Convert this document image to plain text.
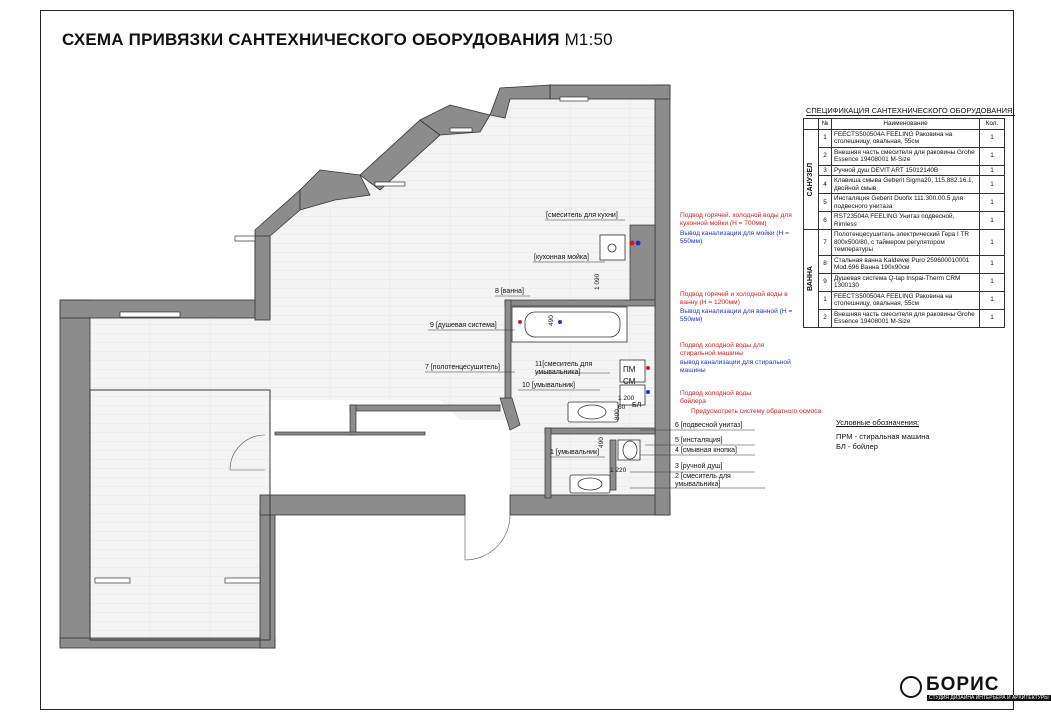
СХЕМА ПРИВЯЗКИ САНТЕХНИЧЕСКОГО ОБОРУДОВАНИЯ М1:50
[смеситель для кухни]
[кухонная мойка]
8 [ванна]
9 [душевая система]
7 [полотенцесушитель]	11[смеситель для умывальника]
10 [умывальник]
6 [подвесной унитаз]
5 [инсталяция]
4 [смывная кнопка]
3 [ручной душ]
2 [смеситель для умывальника]
1 [умывальник]
ПМ
СМ
БЛ
1 090
490
1 200
60
800
490
1 220
Подвод горячей, холодной воды для кухонной мойки (H = 700мм)
Вывод канализации для мойки (H = 550мм)
Подвод горячей и холодной воды в ванну (H = 1200мм)
Вывод канализации для ванной (H = 550мм)
Подвод холодной воды для стиральной машины
вывод канализации для стиральной машины
Подвод холодной воды бойлера
Предусмотреть систему обратного осмоса
СПЕЦИФИКАЦИЯ САНТЕХНИЧЕСКОГО ОБОРУДОВАНИЯ:
	№	Наименование	Кол.

САНУЗЕЛ	1	FEECTS500504A FEELING Раковина на столешницу, овальная, 55см	1
	2	Внешняя часть смесителя для раковины Grohe Essence 19408001 M-Size	1
	3	Ручной душ DEVIT ART 15012140B	1
	4	Клавиша смыва Geberit Sigma20, 115.882.16.1, двойной смыв	1
	5	Инсталяция Geberit Duofix 111.300.00.5 для подвесного унитаза	1
	6	RST23504A FEELING Унитаз подвесной, Rimless	1

ВАННА	7	Полотенцесушитель электрический Гера I TR 800х500/80, с таймером регулятором температуры	1
	8	Стальная ванна Kaldewei Puro 259600010001 Mod.696 Ванна 190х90см	1
	9	Душевая система Q-tap Inspai-Therm CRM 1300130	1
	1	FEECTS500504A FEELING Раковина на столешницу, овальная, 55см	1
	2	Внешняя часть смесителя для раковины Grohe Essence 19408001 M-Size	1
Условные обозначения:
ПРМ - стиральная машина
БЛ - бойлер
БОРИС
СТУДИЯ ДИЗАЙНА ИНТЕРЬЕРА И АРХИТЕКТУРЫ
